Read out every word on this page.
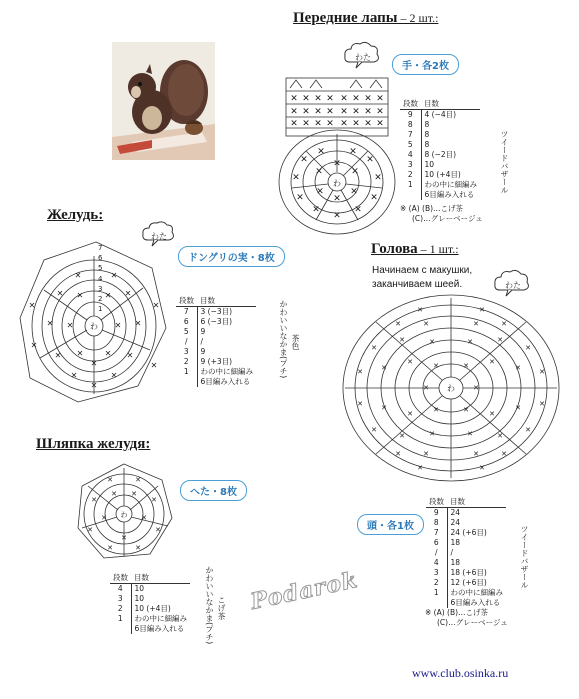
Передние лапы – 2 шт.:
わた
手・各2枚
✕ ✕ ✕ ✕ ✕ ✕ ✕ ✕
✕ ✕ ✕ ✕ ✕ ✕ ✕ ✕
✕ ✕ ✕ ✕ ✕ ✕ ✕ ✕
✕
✕	✕
✕
✕	✕
✕	✕
✕	✕
✕
✕	✕
✕	✕
✕
✕
わ
段数	目数
9	4 (−4目)
8	8
7	8
5	8
4	8 (−2目)
3	10
2	10 (+4目)
1	わの中に細編み
	6目編み入れる
ツイードバザール
※ (A) (B)…こげ茶
(C)…グレーベージュ
Желудь:
わた
ドングリの実・8枚
✕	✕
✕
✕
✕
✕
✕
✕
✕
✕
✕
✕	✕
✕
✕
✕
✕
✕
✕
✕
✕
✕
7
6
5
4
3
2
1
わ
段数	目数
7	3 (−3目)
6	6 (−3目)
5	9
/	/
3	9
2	9 (+3目)
1	わの中に細編み
	6目編み入れる
かわいいなかま(プチ) 茶色
Голова – 1 шт.:
Начинаем с макушки,
заканчиваем шеей.	わた
✕	✕
✕	✕
✕	✕
✕	✕
✕	✕
✕	✕
✕	✕
✕	✕
✕	✕
✕	✕
✕	✕
✕	✕
✕	✕
✕	✕
✕	✕
✕	✕
✕	✕
✕	✕
✕	✕
✕	✕
✕	✕
わ
頭・各1枚
段数	目数
9	24
8	24
7	24 (+6目)
6	18
/	/
4	18
3	18 (+6目)
2	12 (+6目)
1	わの中に細編み
	6目編み入れる
ツイードバザール
※ (A) (B)…こげ茶
(C)…グレーベージュ
Шляпка желудя:
へた・8枚
✕	✕
✕
✕
✕
✕
✕
✕
✕ ✕
✕
✕
✕
わ
段数	目数
4	10
3	10
2	10 (+4目)
1	わの中に細編み
	6目編み入れる	かわいいなかま(プチ) こげ茶 Podarok
www.club.osinka.ru
